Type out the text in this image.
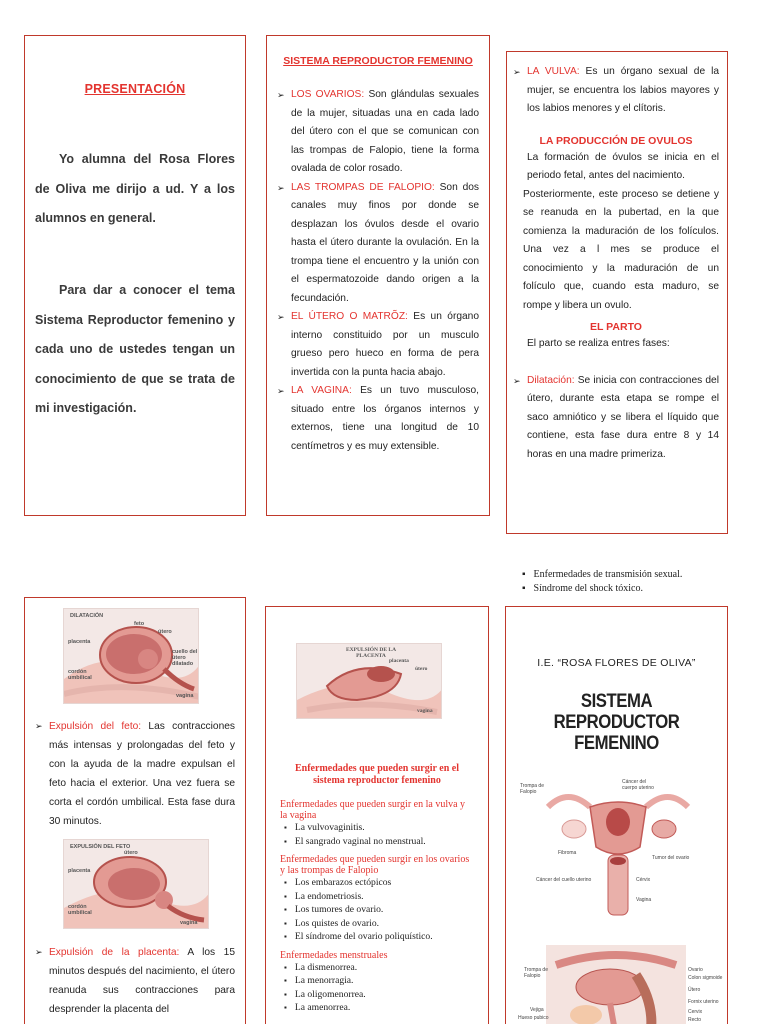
PRESENTACIÓN

Yo alumna del Rosa Flores de Oliva me dirijo a ud. Y a los alumnos en general.

Para dar a conocer el tema Sistema Reproductor femenino y cada uno de ustedes tengan un conocimiento de que se trata de mi investigación.

SISTEMA REPRODUCTOR FEMENINO
➢ LOS OVARIOS: Son glándulas sexuales de la mujer, situadas una en cada lado del útero con el que se comunican con las trompas de Falopio, tiene la forma ovalada de color rosado.
➢ LAS TROMPAS DE FALOPIO: Son dos canales muy finos por donde se desplazan los óvulos desde el ovario hasta el útero durante la ovulación. En la trompa tiene el encuentro y la unión con el espermatozoide dando origen a la fecundación.
➢ EL ÚTERO O MATRÕZ: Es un órgano interno constituido por un musculo grueso pero hueco en forma de pera invertida con la punta hacia abajo.
➢ LA VAGINA: Es un tuvo musculoso, situado entre los órganos internos y externos, tiene una longitud de 10 centímetros y es muy extensible.
➢ LA VULVA: Es un órgano sexual de la mujer, se encuentra los labios mayores y los labios menores y el clítoris.
LA PRODUCCIÓN DE OVULOS

La formación de óvulos se inicia en el periodo fetal, antes del nacimiento.

Posteriormente, este proceso se detiene y se reanuda en la pubertad, en la que comienza la maduración de los folículos. Una vez a l mes se produce el conocimiento y la maduración de un folículo que, cuando esta maduro, se rompe y libera un ovulo.

EL PARTO

El parto se realiza entres fases:

➢ Dilatación: Se inicia con contracciones del útero, durante esta etapa se rompe el saco amniótico y se libera el líquido que contiene, esta fase dura entre 8 y 14 horas en una madre primeriza.
▪ Enfermedades de transmisión sexual.
▪ Síndrome del shock tóxico.
DILATACIÓN
placenta
feto
útero
cuello del útero dilatado
cordón umbilical
vagina
➢ Expulsión del feto: Las contracciones más intensas y prolongadas del feto y con la ayuda de la madre expulsan el feto hacia el exterior. Una vez fuera se corta el cordón umbilical. Esta fase dura 30 minutos.
EXPULSIÓN DEL FETO
útero
placenta
cordón umbilical
vagina
➢ Expulsión de la placenta: A los 15 minutos después del nacimiento, el útero reanuda sus contracciones para desprender la placenta del
EXPULSIÓN DE LA PLACENTA
placenta
útero
vagina
Enfermedades que pueden surgir en el sistema reproductor femenino

Enfermedades que pueden surgir en la vulva y la vagina

▪ La vulvovaginitis.
▪ El sangrado vaginal no menstrual.

Enfermedades que pueden surgir en los ovarios y las trompas de Falopio

▪ Los embarazos ectópicos
▪ La endometriosis.
▪ Los tumores de ovario.
▪ Los quistes de ovario.
▪ El síndrome del ovario poliquístico.

Enfermedades menstruales

▪ La dismenorrea.
▪ La menorragia.
▪ La oligomenorrea.
▪ La amenorrea.

I.E. “ROSA FLORES DE OLIVA”

SISTEMA REPRODUCTOR
FEMENINO
Trompa de Falopio
Cáncer del cuerpo uterino
Fibroma
Tumor del ovario
Cáncer del cuello uterino	Cérvix
Vagina
Trompa de Falopio
Vejiga
Hueso pubico
Ovario
Colon sigmoide
Útero
Fornix uterino
Cervix
Recto
